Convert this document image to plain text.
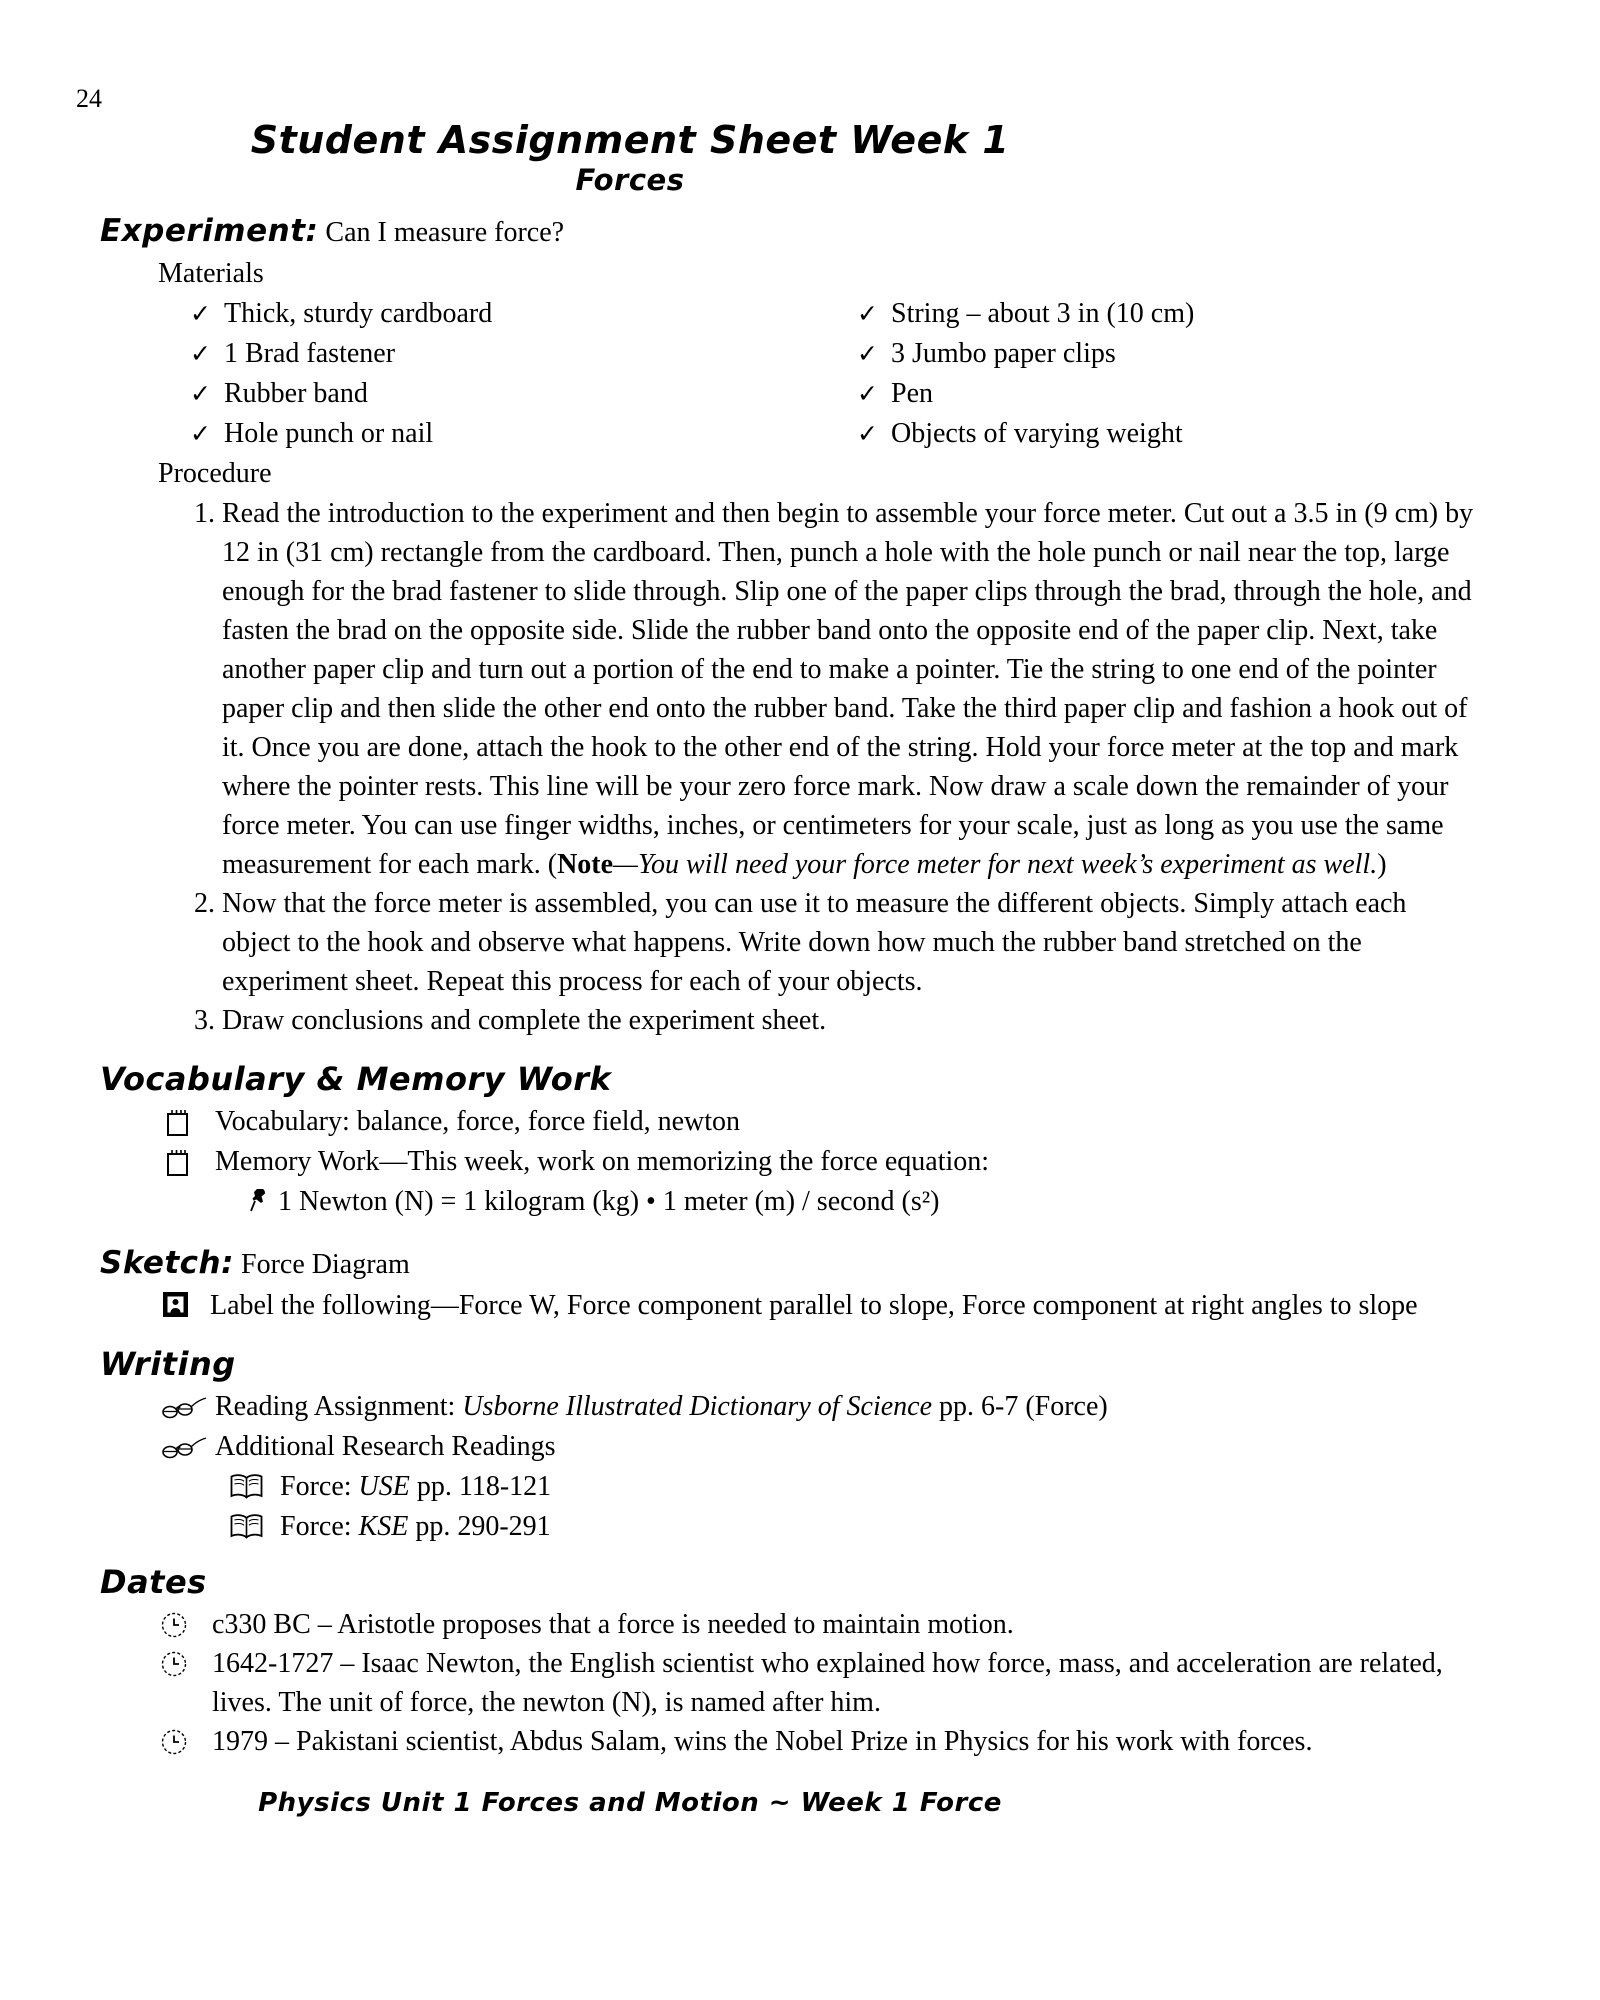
24
Student Assignment Sheet Week 1
Forces
Experiment: Can I measure force?
Materials
✓ Thick, sturdy cardboard
✓ 1 Brad fastener
✓ Rubber band
✓ Hole punch or nail
✓ String – about 3 in (10 cm)
✓ 3 Jumbo paper clips
✓ Pen
✓ Objects of varying weight
Procedure
1. Read the introduction to the experiment and then begin to assemble your force meter. Cut out a 3.5 in (9 cm) by 12 in (31 cm) rectangle from the cardboard. Then, punch a hole with the hole punch or nail near the top, large enough for the brad fastener to slide through. Slip one of the paper clips through the brad, through the hole, and fasten the brad on the opposite side. Slide the rubber band onto the opposite end of the paper clip. Next, take another paper clip and turn out a portion of the end to make a pointer. Tie the string to one end of the pointer paper clip and then slide the other end onto the rubber band. Take the third paper clip and fashion a hook out of it. Once you are done, attach the hook to the other end of the string. Hold your force meter at the top and mark where the pointer rests. This line will be your zero force mark. Now draw a scale down the remainder of your force meter. You can use finger widths, inches, or centimeters for your scale, just as long as you use the same measurement for each mark. (Note—You will need your force meter for next week’s experiment as well.)
2. Now that the force meter is assembled, you can use it to measure the different objects. Simply attach each object to the hook and observe what happens. Write down how much the rubber band stretched on the experiment sheet. Repeat this process for each of your objects.
3. Draw conclusions and complete the experiment sheet.
Vocabulary & Memory Work
Vocabulary: balance, force, force field, newton
Memory Work—This week, work on memorizing the force equation:
1 Newton (N) = 1 kilogram (kg) • 1 meter (m) / second (s²)
Sketch: Force Diagram
Label the following—Force W, Force component parallel to slope, Force component at right angles to slope
Writing
Reading Assignment: Usborne Illustrated Dictionary of Science pp. 6-7 (Force)
Additional Research Readings
Force: USE pp. 118-121
Force: KSE pp. 290-291
Dates
c330 BC – Aristotle proposes that a force is needed to maintain motion.
1642-1727 – Isaac Newton, the English scientist who explained how force, mass, and acceleration are related, lives. The unit of force, the newton (N), is named after him.
1979 – Pakistani scientist, Abdus Salam, wins the Nobel Prize in Physics for his work with forces.
Physics Unit 1 Forces and Motion ~ Week 1 Force
